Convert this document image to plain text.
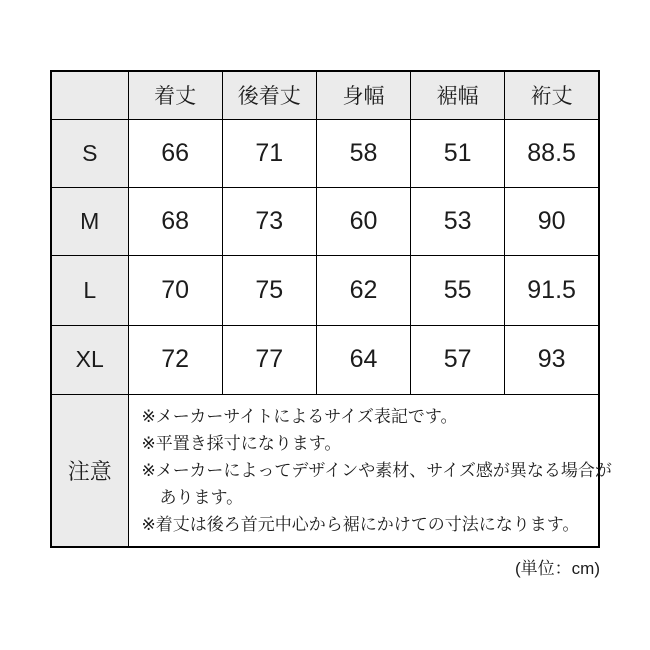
	着丈	後着丈	身幅	裾幅	裄丈
S	66	71	58	51	88.5
M	68	73	60	53	90
L	70	75	62	55	91.5
XL	72	77	64	57	93
注意	※メーカーサイトによるサイズ表記です。
※平置き採寸になります。
※メーカーによってデザインや素材、サイズ感が異なる場合が
あります。
※着丈は後ろ首元中心から裾にかけての寸法になります。				
(単位：cm)
